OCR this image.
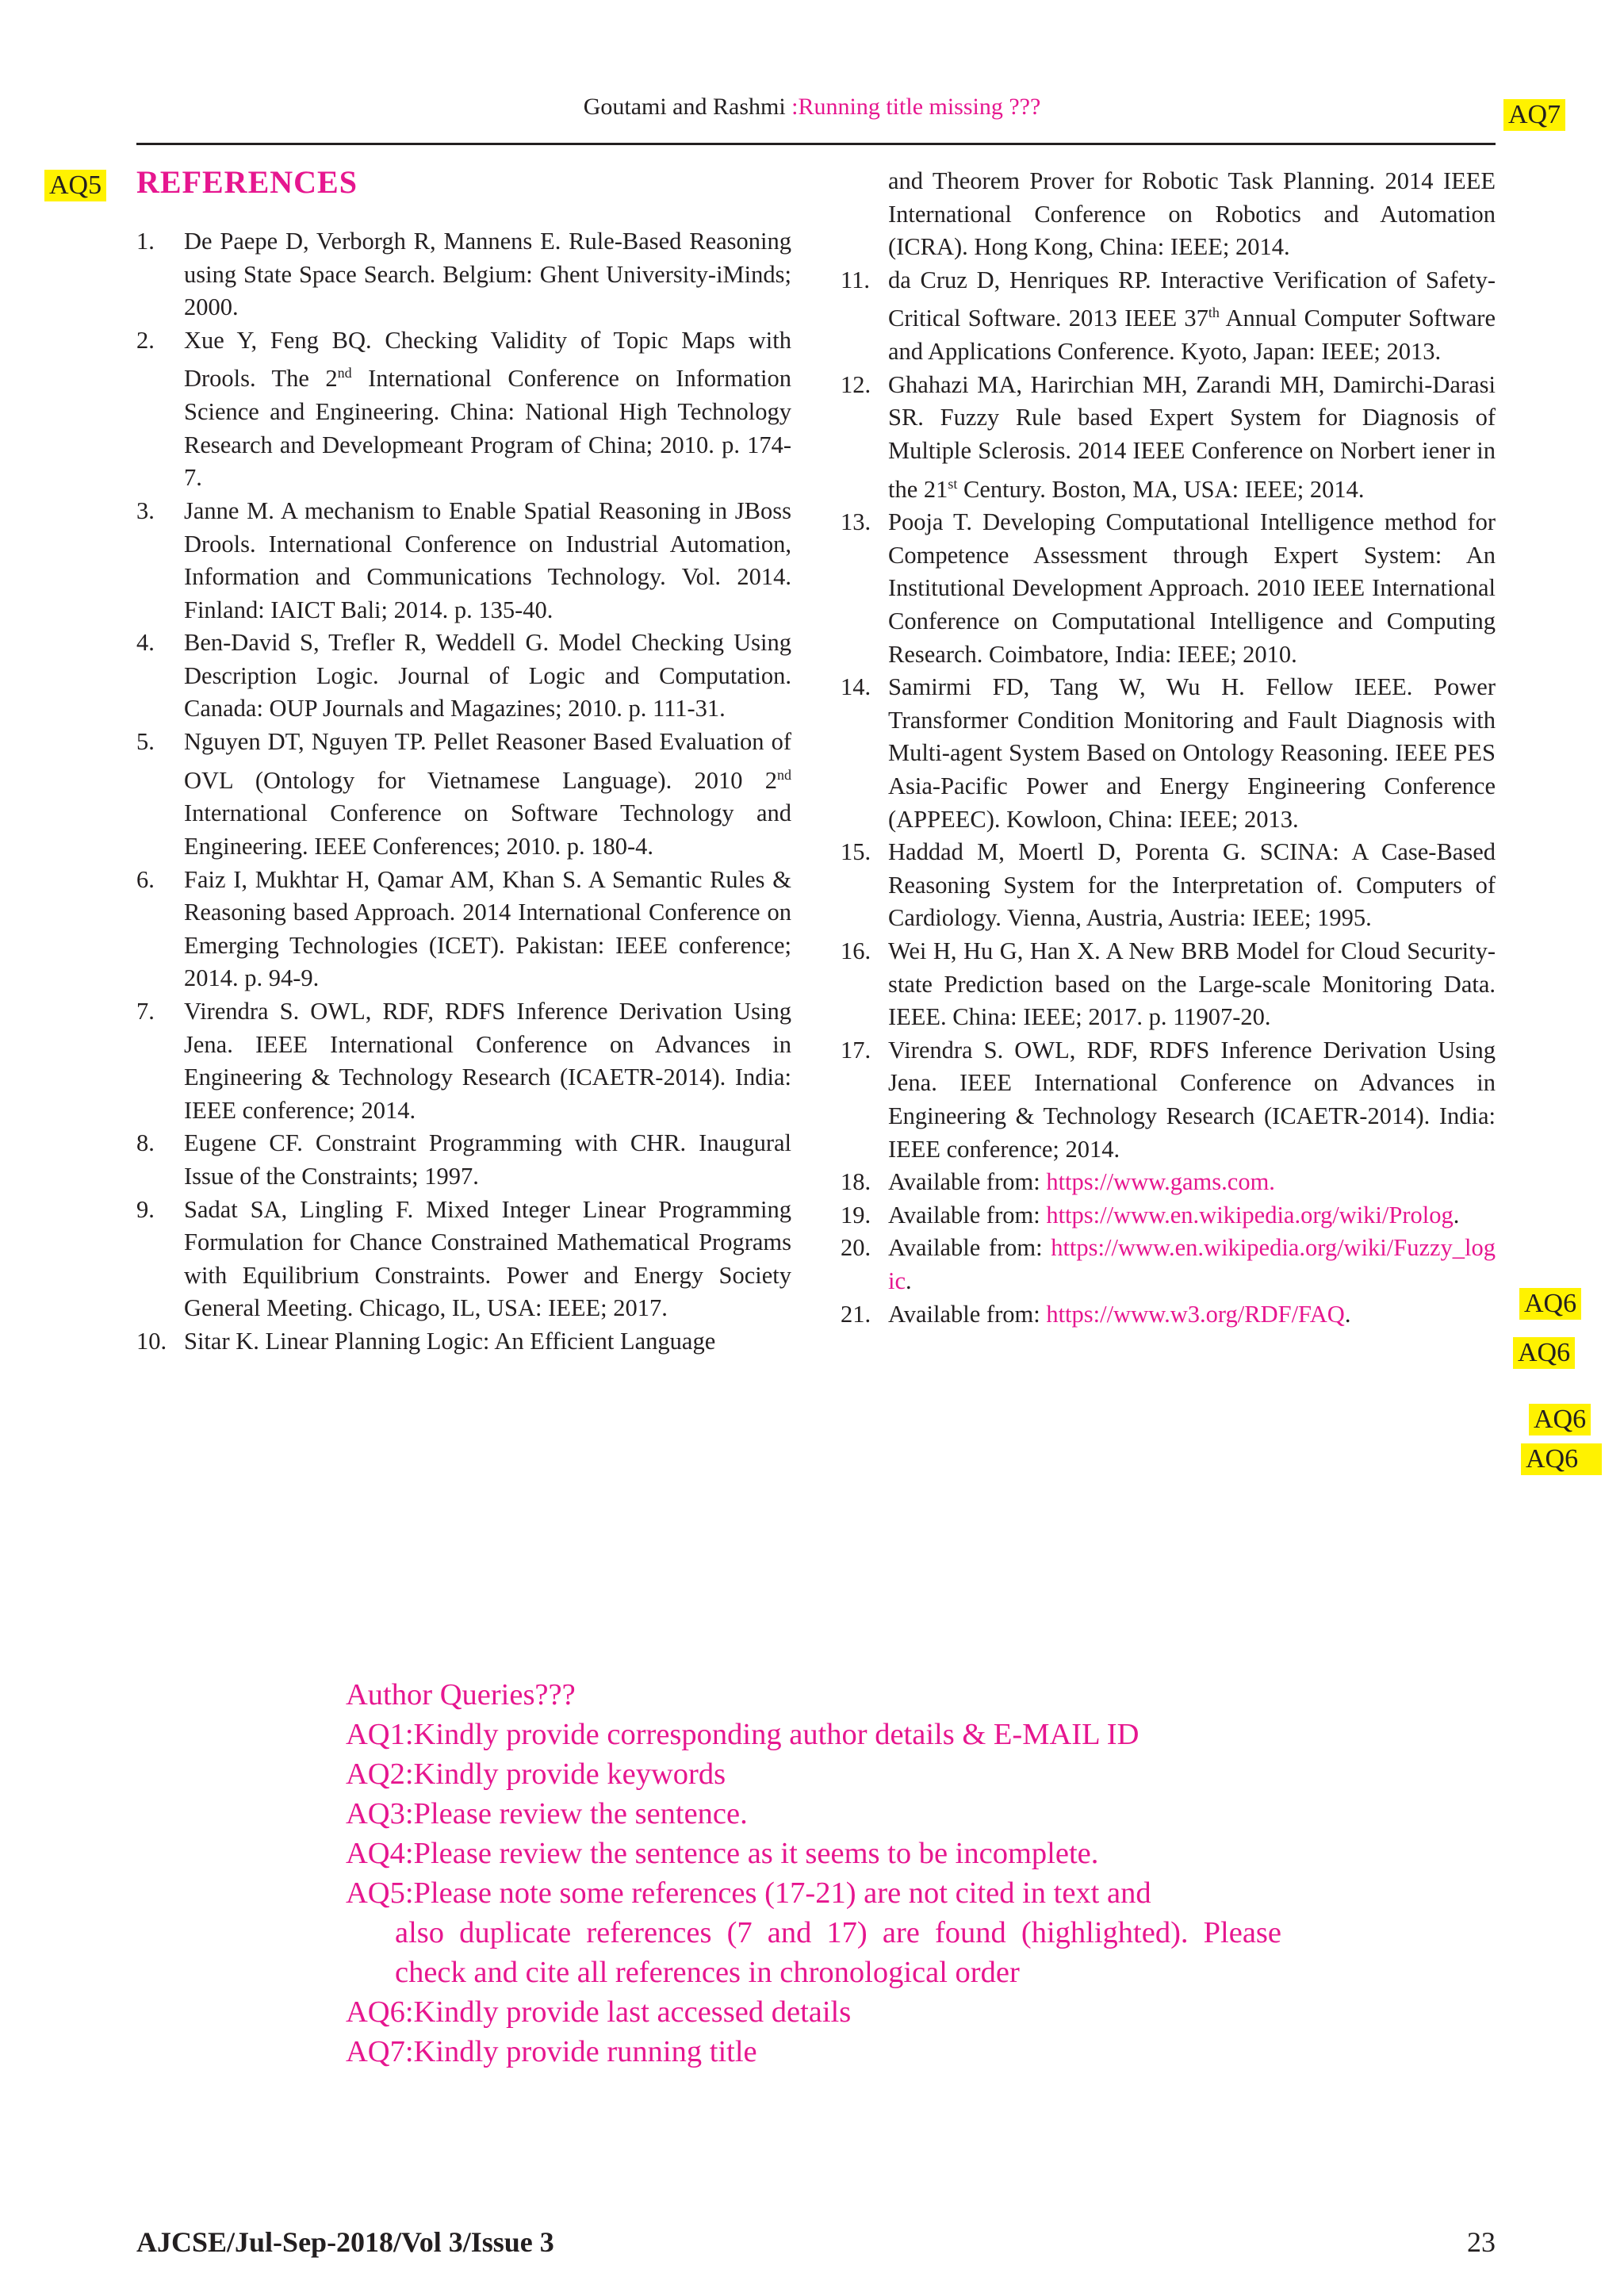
Goutami and Rashmi :Running title missing ???	AQ7
AQ5 REFERENCES
1.	De Paepe D, Verborgh R, Mannens E. Rule-Based Reasoning using State Space Search. Belgium: Ghent University-iMinds; 2000.
2.	Xue Y, Feng BQ. Checking Validity of Topic Maps with Drools. The 2nd International Conference on Information Science and Engineering. China: National High Technology Research and Developmeant Program of China; 2010. p. 174-7.
3.	Janne M. A mechanism to Enable Spatial Reasoning in JBoss Drools. International Conference on Industrial Automation, Information and Communications Technology. Vol. 2014. Finland: IAICT Bali; 2014. p. 135-40.
4.	Ben-David S, Trefler R, Weddell G. Model Checking Using Description Logic. Journal of Logic and Computation. Canada: OUP Journals and Magazines; 2010. p. 111-31.
5.	Nguyen DT, Nguyen TP. Pellet Reasoner Based Evaluation of OVL (Ontology for Vietnamese Language). 2010 2nd International Conference on Software Technology and Engineering. IEEE Conferences; 2010. p. 180-4.
6.	Faiz I, Mukhtar H, Qamar AM, Khan S. A Semantic Rules & Reasoning based Approach. 2014 International Conference on Emerging Technologies (ICET). Pakistan: IEEE conference; 2014. p. 94-9.
7.	Virendra S. OWL, RDF, RDFS Inference Derivation Using Jena. IEEE International Conference on Advances in Engineering & Technology Research (ICAETR-2014). India: IEEE conference; 2014.
8.	Eugene CF. Constraint Programming with CHR. Inaugural Issue of the Constraints; 1997.
9.	Sadat SA, Lingling F. Mixed Integer Linear Programming Formulation for Chance Constrained Mathematical Programs with Equilibrium Constraints. Power and Energy Society General Meeting. Chicago, IL, USA: IEEE; 2017.
10. Sitar K. Linear Planning Logic: An Efficient Language
and Theorem Prover for Robotic Task Planning. 2014 IEEE International Conference on Robotics and Automation (ICRA). Hong Kong, China: IEEE; 2014.
11. da Cruz D, Henriques RP. Interactive Verification of Safety-Critical Software. 2013 IEEE 37th Annual Computer Software and Applications Conference. Kyoto, Japan: IEEE; 2013.
12. Ghahazi MA, Harirchian MH, Zarandi MH, Damirchi-Darasi SR. Fuzzy Rule based Expert System for Diagnosis of Multiple Sclerosis. 2014 IEEE Conference on Norbert iener in the 21st Century. Boston, MA, USA: IEEE; 2014.
13. Pooja T. Developing Computational Intelligence method for Competence Assessment through Expert System: An Institutional Development Approach. 2010 IEEE International Conference on Computational Intelligence and Computing Research. Coimbatore, India: IEEE; 2010.
14. Samirmi FD, Tang W, Wu H. Fellow IEEE. Power Transformer Condition Monitoring and Fault Diagnosis with Multi-agent System Based on Ontology Reasoning. IEEE PES Asia-Pacific Power and Energy Engineering Conference (APPEEC). Kowloon, China: IEEE; 2013.
15. Haddad M, Moertl D, Porenta G. SCINA: A Case-Based Reasoning System for the Interpretation of. Computers of Cardiology. Vienna, Austria, Austria: IEEE; 1995.
16. Wei H, Hu G, Han X. A New BRB Model for Cloud Security-state Prediction based on the Large-scale Monitoring Data. IEEE. China: IEEE; 2017. p. 11907-20.
17. Virendra S. OWL, RDF, RDFS Inference Derivation Using Jena. IEEE International Conference on Advances in Engineering & Technology Research (ICAETR-2014). India: IEEE conference; 2014.
18. Available from: https://www.gams.com.
19. Available from: https://www.en.wikipedia.org/wiki/Prolog.
20. Available from: https://www.en.wikipedia.org/wiki/Fuzzy_logic.
21. Available from: https://www.w3.org/RDF/FAQ.	AQ6
AQ6
AQ6
AQ6
Author Queries???
AQ1:Kindly provide corresponding author details & E-MAIL ID
AQ2:Kindly provide keywords
AQ3:Please review the sentence.
AQ4:Please review the sentence as it seems to be incomplete.
AQ5:Please note some references (17-21) are not cited in text and
also duplicate references (7 and 17) are found (highlighted). Please check and cite all references in chronological order
AQ6:Kindly provide last accessed details
AQ7:Kindly provide running title
AJCSE/Jul-Sep-2018/Vol 3/Issue 3	23
